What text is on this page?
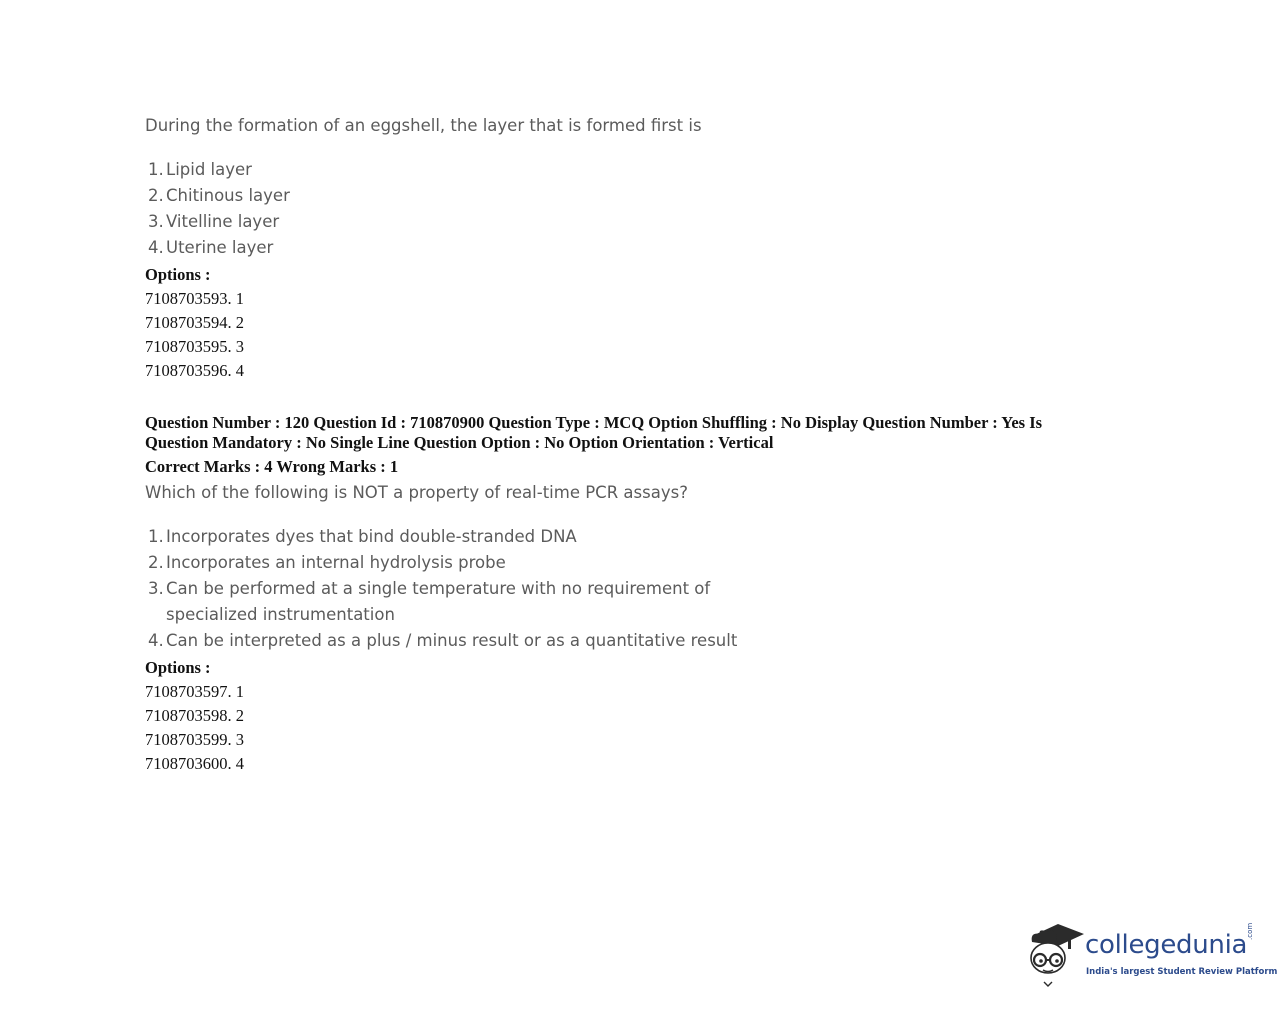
During the formation of an eggshell, the layer that is formed first is
1. Lipid layer
2. Chitinous layer
3. Vitelline layer
4. Uterine layer
Options :
7108703593. 1
7108703594. 2
7108703595. 3
7108703596. 4
Question Number : 120 Question Id : 710870900 Question Type : MCQ Option Shuffling : No Display Question Number : Yes Is
Question Mandatory : No Single Line Question Option : No Option Orientation : Vertical
Correct Marks : 4 Wrong Marks : 1
Which of the following is NOT a property of real-time PCR assays?
1. Incorporates dyes that bind double-stranded DNA
2. Incorporates an internal hydrolysis probe
3. Can be performed at a single temperature with no requirement of specialized instrumentation
4. Can be interpreted as a plus / minus result or as a quantitative result
Options :
7108703597. 1
7108703598. 2
7108703599. 3
7108703600. 4
collegedunia
.com
India's largest Student Review Platform
